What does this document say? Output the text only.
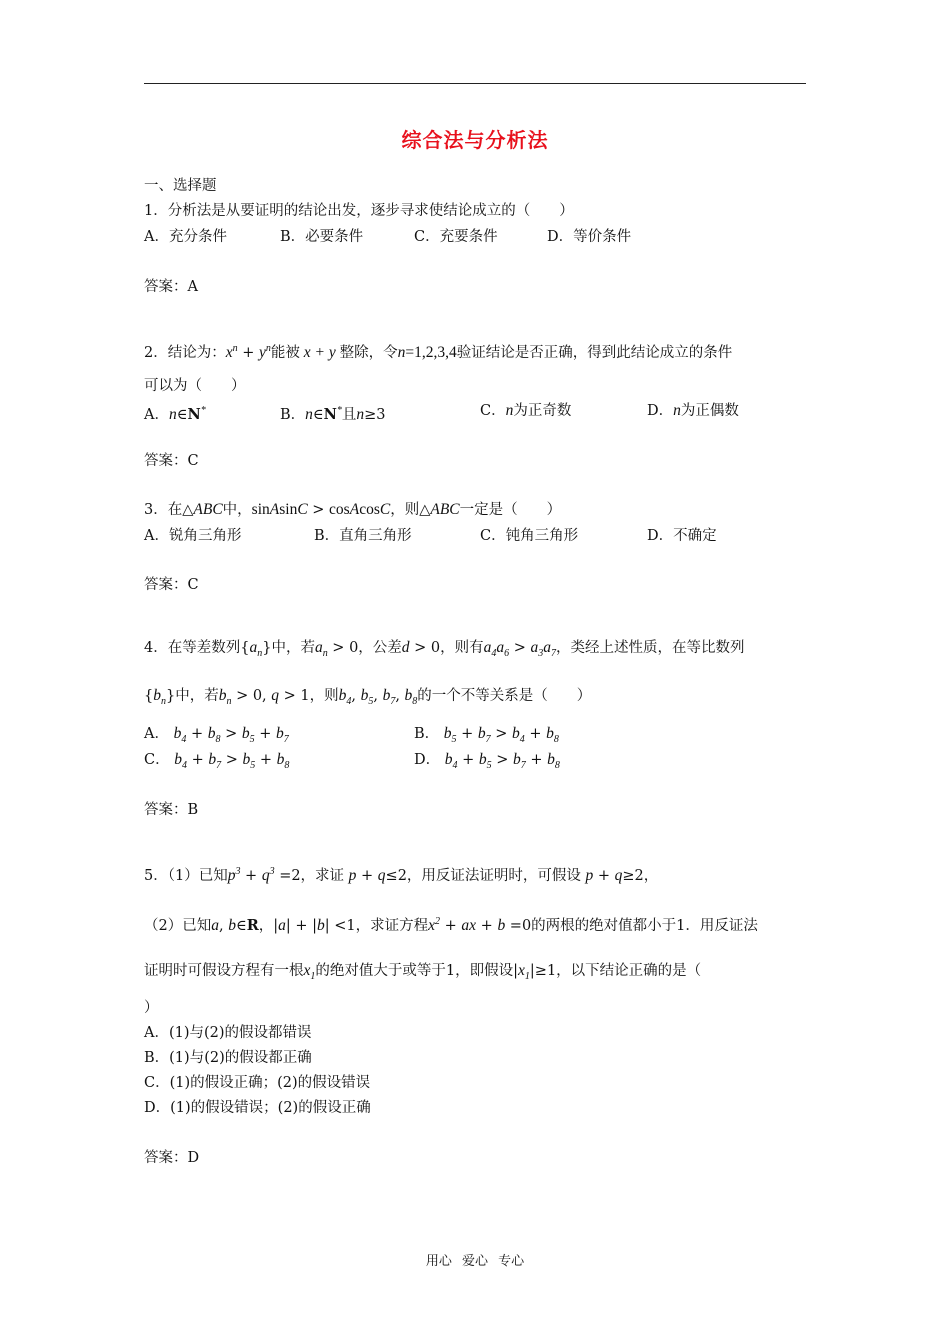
综合法与分析法
一、选择题
1．分析法是从要证明的结论出发，逐步寻求使结论成立的（　　）
A．充分条件	B．必要条件	C．充要条件	D．等价条件
答案：A
2．结论为：$x^n + y^n$能被 x + y 整除，令n=1,2,3,4验证结论是否正确，得到此结论成立的条件
可以为（　　）
A．n∈N*	B．n∈N*且n≥3	C．n为正奇数	D．n为正偶数
答案：C
3．在△ABC中，sinAsinC > cosAcosC，则△ABC一定是（　　）
A．锐角三角形	B．直角三角形	C．钝角三角形	D．不确定
答案：C
4．在等差数列$\{a_n\}$中，若$a_n > 0$，公差d > 0，则有$a_4a_6 > a_3a_7$，类经上述性质，在等比数列
$\{b_n\}$中，若$b_n > 0$, q > 1，则$b_4$, $b_5$, $b_7$, $b_8$的一个不等关系是（　　）
A． $b_4 + b_8 > b_5 + b_7$	B． $b_5 + b_7 > b_4 + b_8$
C． $b_4 + b_7 > b_5 + b_8$	D． $b_4 + b_5 > b_7 + b_8$
答案：B
5．（1）已知$p^3 + q^3 =2$，求证 p + q≤2，用反证法证明时，可假设 p + q≥2，
（2）已知a, b∈R，|a| + |b| <1，求证方程$x^2$ + ax + b =0的两根的绝对值都小于1．用反证法
证明时可假设方程有一根$x_1$的绝对值大于或等于1，即假设$|x_1|\ge 1$，以下结论正确的是（
）
A．(1)与(2)的假设都错误
B．(1)与(2)的假设都正确
C．(1)的假设正确；(2)的假设错误
D．(1)的假设错误；(2)的假设正确
答案：D
用心 爱心 专心
